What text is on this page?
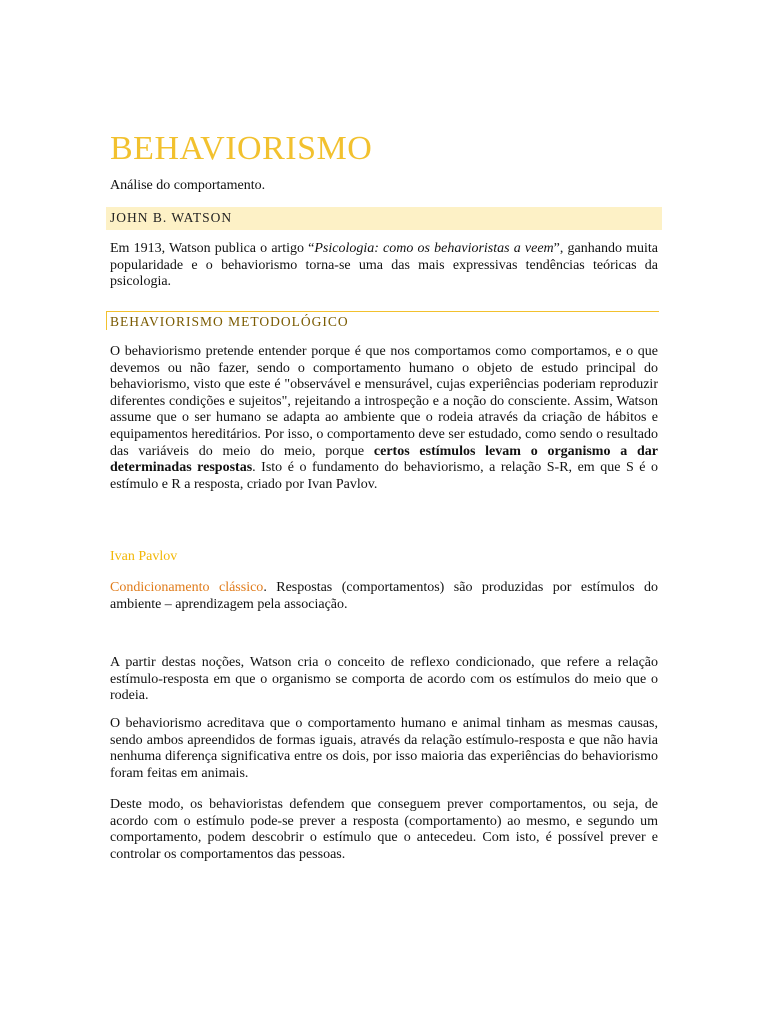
BEHAVIORISMO
Análise do comportamento.
JOHN B. WATSON

Em 1913, Watson publica o artigo “Psicologia: como os behavioristas a veem”, ganhando muita popularidade e o behaviorismo torna-se uma das mais expressivas tendências teóricas da psicologia.

BEHAVIORISMO METODOLÓGICO

O behaviorismo pretende entender porque é que nos comportamos como comportamos, e o que devemos ou não fazer, sendo o comportamento humano o objeto de estudo principal do behaviorismo, visto que este é "observável e mensurável, cujas experiências poderiam reproduzir diferentes condições e sujeitos", rejeitando a introspeção e a noção do consciente. Assim, Watson assume que o ser humano se adapta ao ambiente que o rodeia através da criação de hábitos e equipamentos hereditários. Por isso, o comportamento deve ser estudado, como sendo o resultado das variáveis do meio do meio, porque certos estímulos levam o organismo a dar determinadas respostas. Isto é o fundamento do behaviorismo, a relação S-R, em que S é o estímulo e R a resposta, criado por Ivan Pavlov.

Ivan Pavlov

Condicionamento clássico. Respostas (comportamentos) são produzidas por estímulos do ambiente – aprendizagem pela associação.

A partir destas noções, Watson cria o conceito de reflexo condicionado, que refere a relação estímulo-resposta em que o organismo se comporta de acordo com os estímulos do meio que o rodeia.

O behaviorismo acreditava que o comportamento humano e animal tinham as mesmas causas, sendo ambos apreendidos de formas iguais, através da relação estímulo-resposta e que não havia nenhuma diferença significativa entre os dois, por isso maioria das experiências do behaviorismo foram feitas em animais.

Deste modo, os behavioristas defendem que conseguem prever comportamentos, ou seja, de acordo com o estímulo pode-se prever a resposta (comportamento) ao mesmo, e segundo um comportamento, podem descobrir o estímulo que o antecedeu. Com isto, é possível prever e controlar os comportamentos das pessoas.
